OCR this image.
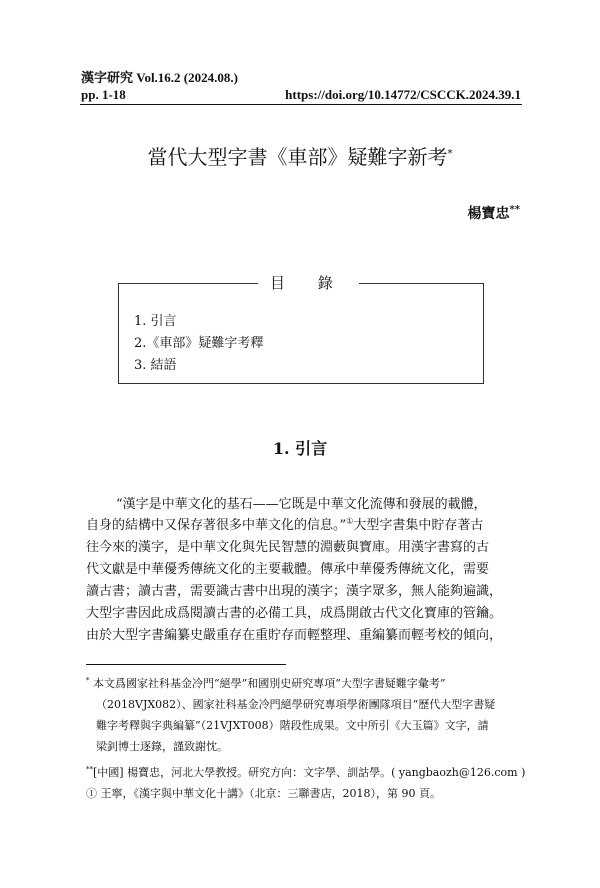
漢字研究 Vol.16.2 (2024.08.)
pp. 1-18	https://doi.org/10.14772/CSCCK.2024.39.1
當代大型字書《車部》疑難字新考*
楊寶忠**
目 錄
1. 引言
2.《車部》疑難字考釋
3. 結語
1. 引言
“漢字是中華文化的基石——它既是中華文化流傳和發展的載體，
自身的結構中又保存著很多中華文化的信息。”①大型字書集中貯存著古
往今來的漢字，是中華文化與先民智慧的淵藪與寶庫。用漢字書寫的古
代文獻是中華優秀傳統文化的主要載體。傳承中華優秀傳統文化，需要
讀古書；讀古書，需要識古書中出現的漢字；漢字眾多，無人能夠遍識，
大型字書因此成爲閱讀古書的必備工具，成爲開啟古代文化寶庫的管鑰。
由於大型字書編纂史嚴重存在重貯存而輕整理、重編纂而輕考校的傾向，
* 本文爲國家社科基金冷門“絕學”和國別史研究專項“大型字書疑難字彙考”
（2018VJX082）、國家社科基金冷門絕學研究專項學術團隊項目“歷代大型字書疑
難字考釋與字典編纂”（21VJXT008）階段性成果。文中所引《大玉篇》文字，請
梁釗博士逐錄，謹致謝忱。
**[中國] 楊寶忠，河北大學教授。研究方向：文字學、訓詁學。( yangbaozh@126.com )
① 王寧，《漢字與中華文化十講》（北京：三聯書店，2018），第 90 頁。
